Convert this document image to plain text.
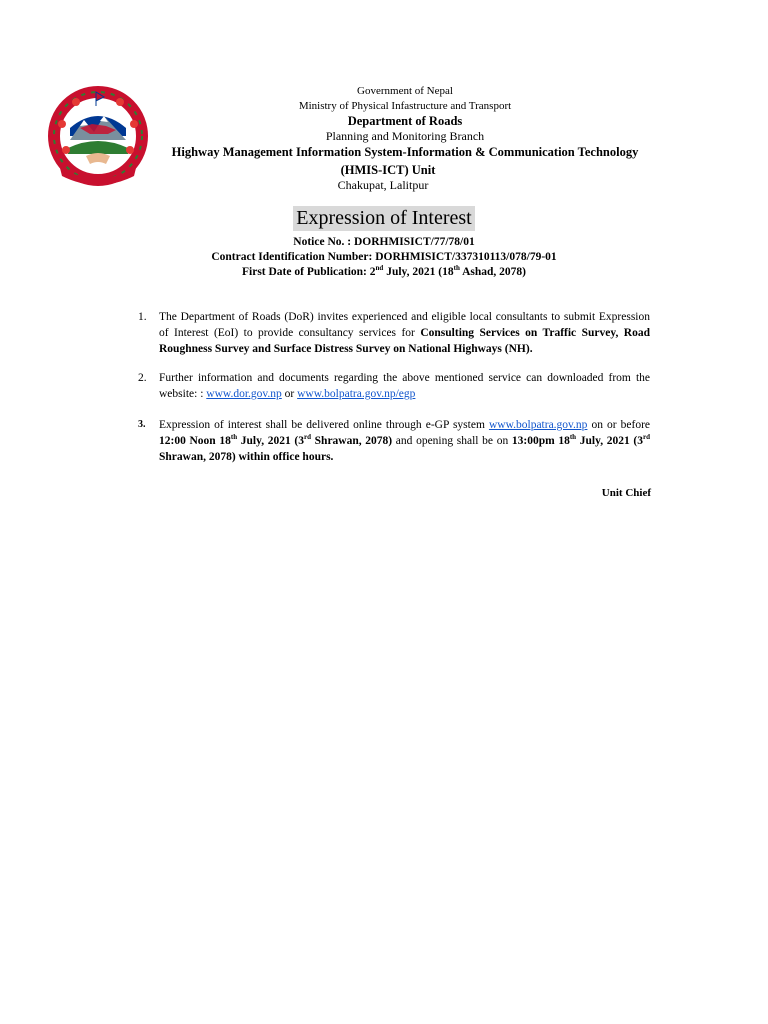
Government of Nepal
Ministry of Physical Infastructure and Transport
Department of Roads
Planning and Monitoring Branch
Highway Management Information System-Information & Communication Technology
(HMIS-ICT) Unit
Chakupat, Lalitpur
Expression of Interest
Notice No. : DORHMISICT/77/78/01
Contract Identification Number: DORHMISICT/337310113/078/79-01
First Date of Publication: 2nd July, 2021 (18th Ashad, 2078)
1.	The Department of Roads (DoR) invites experienced and eligible local consultants to submit Expression of Interest (EoI) to provide consultancy services for Consulting Services on Traffic Survey, Road Roughness Survey and Surface Distress Survey on National Highways (NH).
2.	Further information and documents regarding the above mentioned service can downloaded from the website: : www.dor.gov.np or www.bolpatra.gov.np/egp
3.	Expression of interest shall be delivered online through e-GP system www.bolpatra.gov.np on or before 12:00 Noon 18th July, 2021 (3rd Shrawan, 2078) and opening shall be on 13:00pm 18th July, 2021 (3rd Shrawan, 2078) within office hours.
Unit Chief
